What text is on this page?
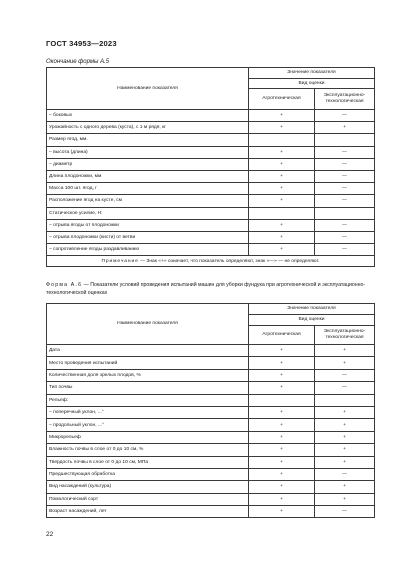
ГОСТ 34953—2023
Окончание формы А.5
Наименование показателя	Значение показателя	
	Вид оценки	
	Агротехническая	Эксплуатационно-технологическая
– боковых	+	—
Урожайность с одного дерева (куста), с 1 м рядя, кг	+	+
Размер ягод, мм.		
– высота (длина)	+	—
– диаметр	+	—
Длина плодоножки, мм	+	—
Масса 100 шт. ягод, г	+	—
Расположение ягод на кусте, см	+	—
Статическое усилие, Н:		
– отрыва ягоды от плодоножки	+	—
– отрыва плодоножки (кисти) от ветви	+	—
– сопротивление ягоды раздавливанию	+	—
Примечание — Знак «+» означает, что показатель определяют, знак «—» — не определяют.		
Форма А.6 — Показатели условий проведения испытаний машин для уборки фундука при агротехнической и эксплуатационно-технологической оценках
Наименование показателя	Значение показателя	
	Вид оценки	
	Агротехническая	Эксплуатационно-технологическая
Дата	+	+
Место проведения испытаний	+	+
Количественная доля зрелых плодов, %	+	—
Тип почвы	+	—
Рельеф:		
– поперечный уклон, ...°	+	+
– продольный уклон, ...°	+	+
Микрорельеф	+	+
Влажность почвы в слое от 0 до 10 см, %	+	+
Твердость почвы в слое от 0 до 10 см, МПа	+	+
Предшествующая обработка	+	—
Вид насаждений (культура)	+	+
Помологический сорт	+	+
Возраст насаждений, лет	+	—
22
